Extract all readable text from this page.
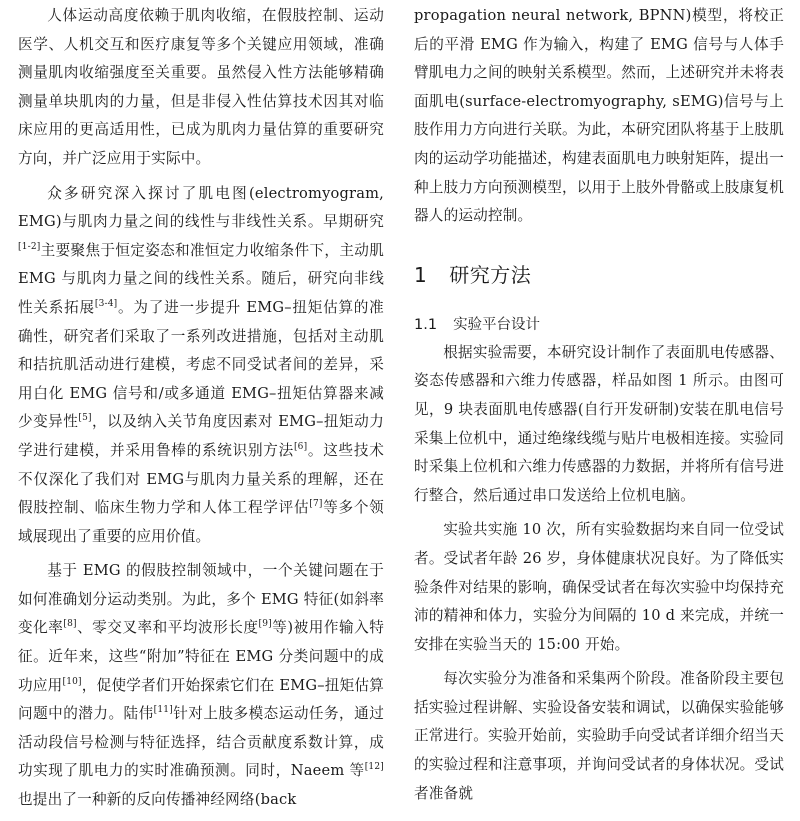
人体运动高度依赖于肌肉收缩，在假肢控制、运动医学、人机交互和医疗康复等多个关键应用领域，准确测量肌肉收缩强度至关重要。虽然侵入性方法能够精确测量单块肌肉的力量，但是非侵入性估算技术因其对临床应用的更高适用性，已成为肌肉力量估算的重要研究方向，并广泛应用于实际中。

众多研究深入探讨了肌电图(electromyogram, EMG)与肌肉力量之间的线性与非线性关系。早期研究[1-2]主要聚焦于恒定姿态和准恒定力收缩条件下，主动肌 EMG 与肌肉力量之间的线性关系。随后，研究向非线性关系拓展[3-4]。为了进一步提升 EMG–扭矩估算的准确性，研究者们采取了一系列改进措施，包括对主动肌和拮抗肌活动进行建模，考虑不同受试者间的差异，采用白化 EMG 信号和/或多通道 EMG–扭矩估算器来减少变异性[5]，以及纳入关节角度因素对 EMG–扭矩动力学进行建模，并采用鲁棒的系统识别方法[6]。这些技术不仅深化了我们对 EMG与肌肉力量关系的理解，还在假肢控制、临床生物力学和人体工程学评估[7]等多个领域展现出了重要的应用价值。

基于 EMG 的假肢控制领域中，一个关键问题在于如何准确划分运动类别。为此，多个 EMG 特征(如斜率变化率[8]、零交叉率和平均波形长度[9]等)被用作输入特征。近年来，这些“附加”特征在 EMG 分类问题中的成功应用[10]，促使学者们开始探索它们在 EMG–扭矩估算问题中的潜力。陆伟[11]针对上肢多模态运动任务，通过活动段信号检测与特征选择，结合贡献度系数计算，成功实现了肌电力的实时准确预测。同时，Naeem 等[12]也提出了一种新的反向传播神经网络(back

propagation neural network, BPNN)模型，将校正后的平滑 EMG 作为输入，构建了 EMG 信号与人体手臂肌电力之间的映射关系模型。然而，上述研究并未将表面肌电(surface-electromyography, sEMG)信号与上肢作用力方向进行关联。为此，本研究团队将基于上肢肌肉的运动学功能描述，构建表面肌电力映射矩阵，提出一种上肢力方向预测模型，以用于上肢外骨骼或上肢康复机器人的运动控制。

1 研究方法
1.1 实验平台设计

根据实验需要，本研究设计制作了表面肌电传感器、姿态传感器和六维力传感器，样品如图 1 所示。由图可见，9 块表面肌电传感器(自行开发研制)安装在肌电信号采集上位机中，通过绝缘线缆与贴片电极相连接。实验同时采集上位机和六维力传感器的力数据，并将所有信号进行整合，然后通过串口发送给上位机电脑。

实验共实施 10 次，所有实验数据均来自同一位受试者。受试者年龄 26 岁，身体健康状况良好。为了降低实验条件对结果的影响，确保受试者在每次实验中均保持充沛的精神和体力，实验分为间隔的 10 d 来完成，并统一安排在实验当天的 15:00 开始。

每次实验分为准备和采集两个阶段。准备阶段主要包括实验过程讲解、实验设备安装和调试，以确保实验能够正常进行。实验开始前，实验助手向受试者详细介绍当天的实验过程和注意事项，并询问受试者的身体状况。受试者准备就
